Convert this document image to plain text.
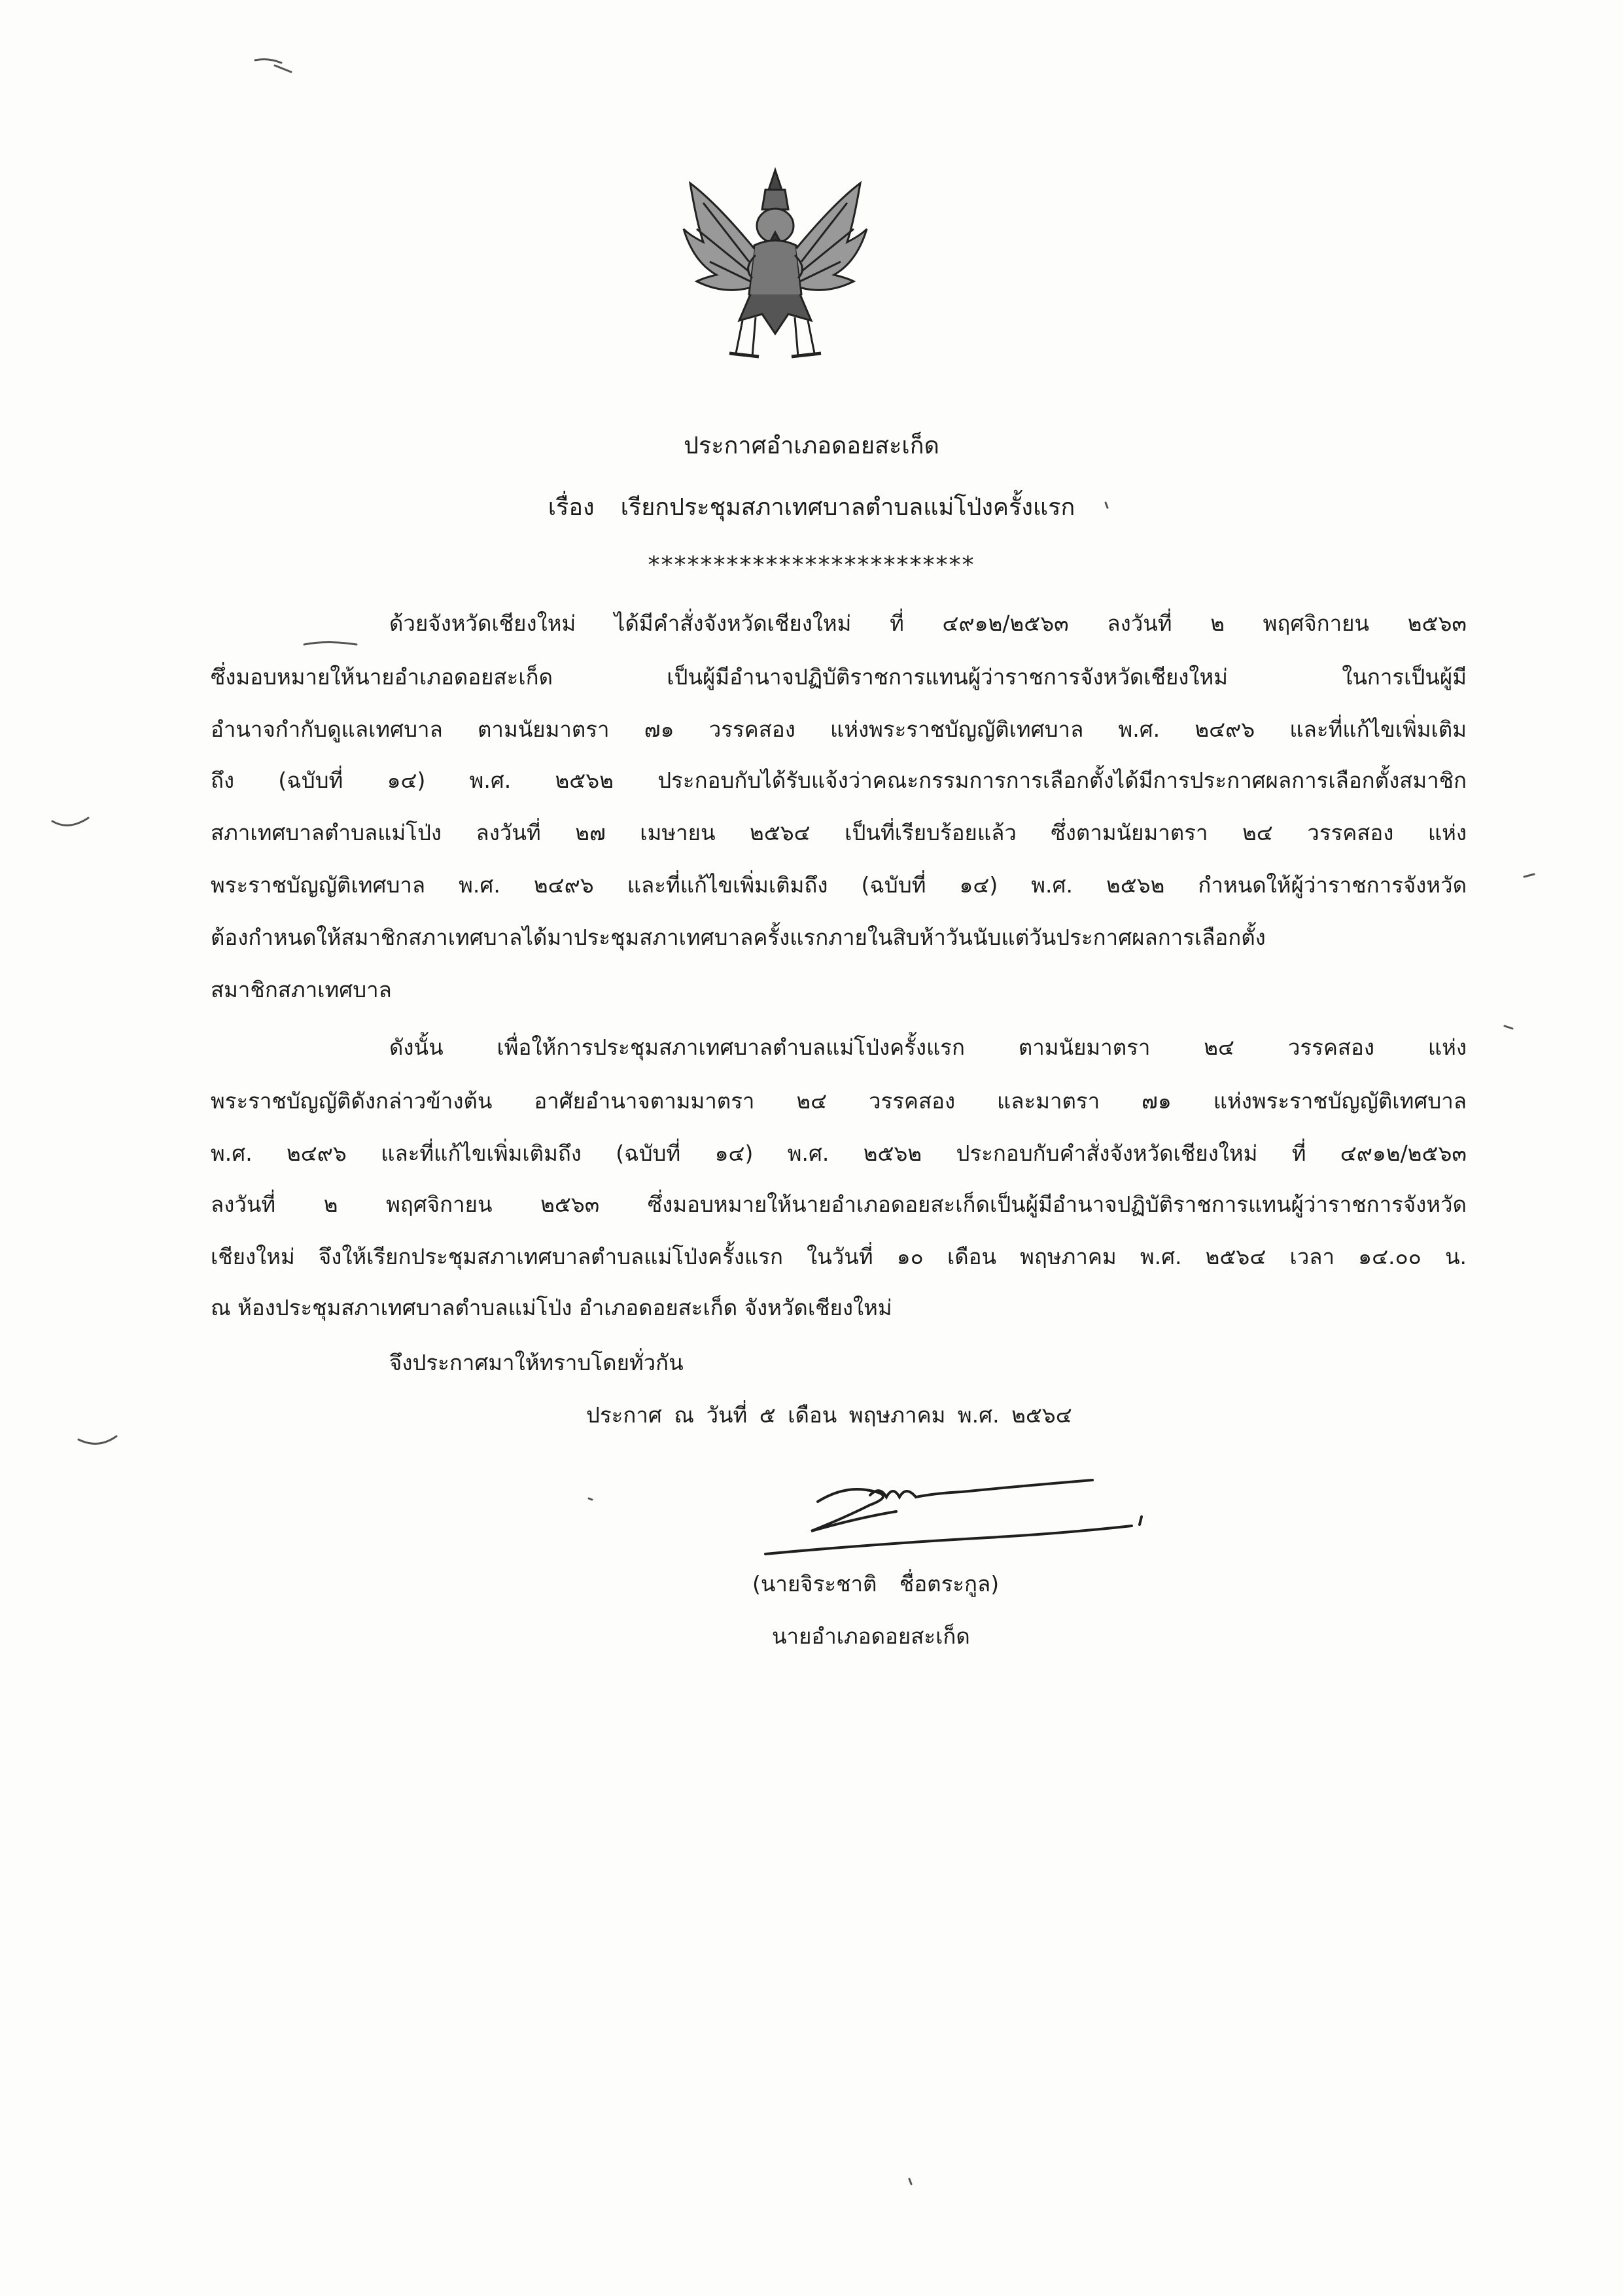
ประกาศอำเภอดอยสะเก็ด
เรื่อง เรียกประชุมสภาเทศบาลตำบลแม่โป่งครั้งแรก
*************************
ด้วยจังหวัดเชียงใหม่ ได้มีคำสั่งจังหวัดเชียงใหม่ ที่ ๔๙๑๒/๒๕๖๓ ลงวันที่ ๒ พฤศจิกายน ๒๕๖๓
ซึ่งมอบหมายให้นายอำเภอดอยสะเก็ด เป็นผู้มีอำนาจปฏิบัติราชการแทนผู้ว่าราชการจังหวัดเชียงใหม่ ในการเป็นผู้มี
อำนาจกำกับดูแลเทศบาล ตามนัยมาตรา ๗๑ วรรคสอง แห่งพระราชบัญญัติเทศบาล พ.ศ. ๒๔๙๖ และที่แก้ไขเพิ่มเติม
ถึง (ฉบับที่ ๑๔) พ.ศ. ๒๕๖๒ ประกอบกับได้รับแจ้งว่าคณะกรรมการการเลือกตั้งได้มีการประกาศผลการเลือกตั้งสมาชิก
สภาเทศบาลตำบลแม่โป่ง ลงวันที่ ๒๗ เมษายน ๒๕๖๔ เป็นที่เรียบร้อยแล้ว ซึ่งตามนัยมาตรา ๒๔ วรรคสอง แห่ง
พระราชบัญญัติเทศบาล พ.ศ. ๒๔๙๖ และที่แก้ไขเพิ่มเติมถึง (ฉบับที่ ๑๔) พ.ศ. ๒๕๖๒ กำหนดให้ผู้ว่าราชการจังหวัด
ต้องกำหนดให้สมาชิกสภาเทศบาลได้มาประชุมสภาเทศบาลครั้งแรกภายในสิบห้าวันนับแต่วันประกาศผลการเลือกตั้ง
สมาชิกสภาเทศบาล
ดังนั้น เพื่อให้การประชุมสภาเทศบาลตำบลแม่โป่งครั้งแรก ตามนัยมาตรา ๒๔ วรรคสอง แห่ง
พระราชบัญญัติดังกล่าวข้างต้น อาศัยอำนาจตามมาตรา ๒๔ วรรคสอง และมาตรา ๗๑ แห่งพระราชบัญญัติเทศบาล
พ.ศ. ๒๔๙๖ และที่แก้ไขเพิ่มเติมถึง (ฉบับที่ ๑๔) พ.ศ. ๒๕๖๒ ประกอบกับคำสั่งจังหวัดเชียงใหม่ ที่ ๔๙๑๒/๒๕๖๓
ลงวันที่ ๒ พฤศจิกายน ๒๕๖๓ ซึ่งมอบหมายให้นายอำเภอดอยสะเก็ดเป็นผู้มีอำนาจปฏิบัติราชการแทนผู้ว่าราชการจังหวัด
เชียงใหม่ จึงให้เรียกประชุมสภาเทศบาลตำบลแม่โป่งครั้งแรก ในวันที่ ๑๐ เดือน พฤษภาคม พ.ศ. ๒๕๖๔ เวลา ๑๔.๐๐ น.
ณ ห้องประชุมสภาเทศบาลตำบลแม่โป่ง อำเภอดอยสะเก็ด จังหวัดเชียงใหม่
จึงประกาศมาให้ทราบโดยทั่วกัน
ประกาศ ณ วันที่ ๕ เดือน พฤษภาคม พ.ศ. ๒๕๖๔
(นายจิระชาติ ชื่อตระกูล)
นายอำเภอดอยสะเก็ด
